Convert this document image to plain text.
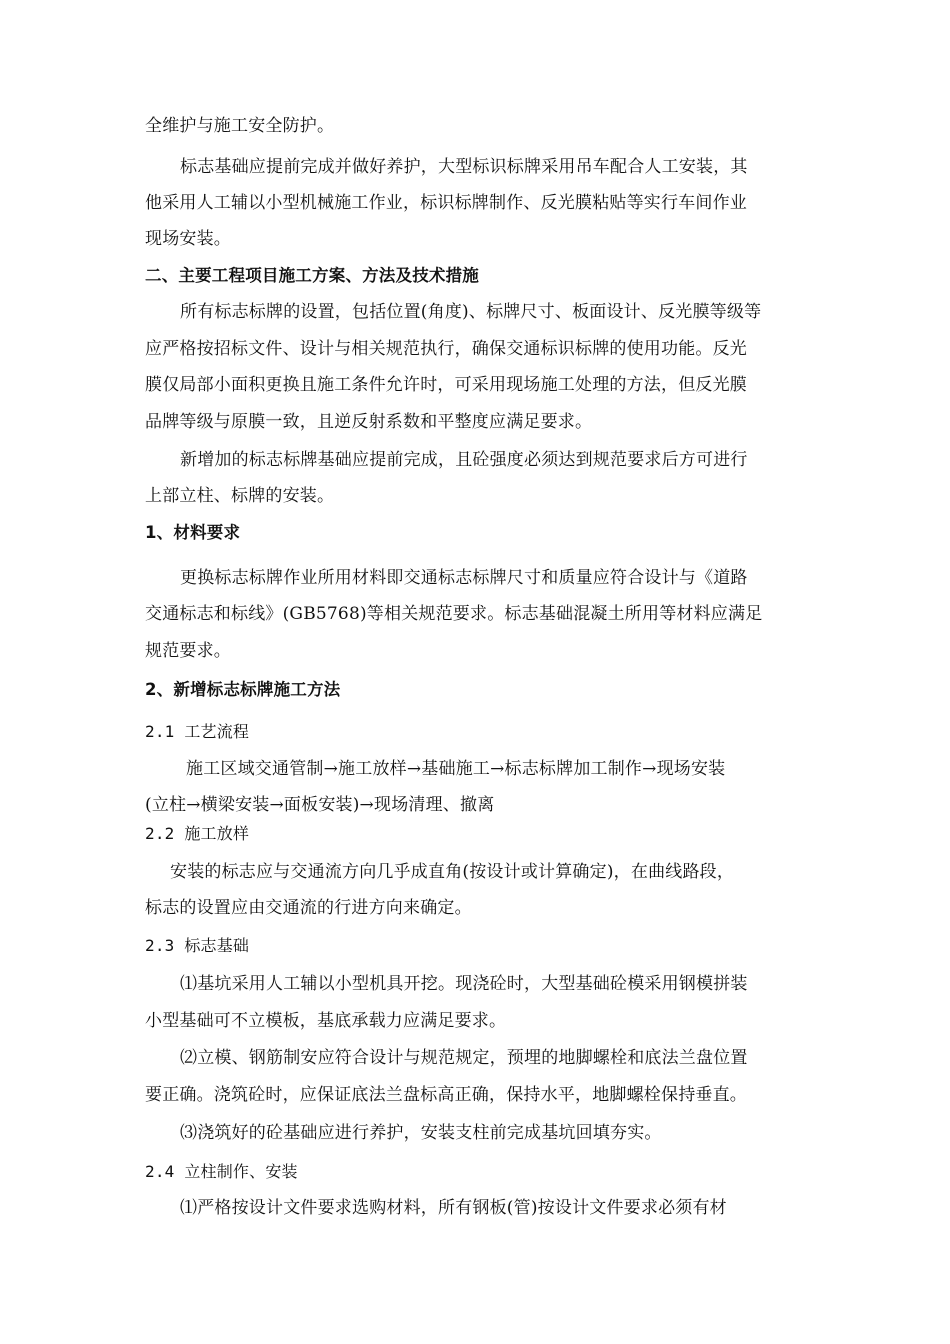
全维护与施工安全防护。
标志基础应提前完成并做好养护，大型标识标牌采用吊车配合人工安装，其
他采用人工辅以小型机械施工作业，标识标牌制作、反光膜粘贴等实行车间作业
现场安装。
二、主要工程项目施工方案、方法及技术措施
所有标志标牌的设置，包括位置(角度)、标牌尺寸、板面设计、反光膜等级等
应严格按招标文件、设计与相关规范执行，确保交通标识标牌的使用功能。反光
膜仅局部小面积更换且施工条件允许时，可采用现场施工处理的方法，但反光膜
品牌等级与原膜一致，且逆反射系数和平整度应满足要求。
新增加的标志标牌基础应提前完成，且砼强度必须达到规范要求后方可进行
上部立柱、标牌的安装。
1、材料要求
更换标志标牌作业所用材料即交通标志标牌尺寸和质量应符合设计与《道路
交通标志和标线》(GB5768)等相关规范要求。标志基础混凝土所用等材料应满足
规范要求。
2、新增标志标牌施工方法
2.1 工艺流程
施工区域交通管制→施工放样→基础施工→标志标牌加工制作→现场安装
(立柱→横梁安装→面板安装)→现场清理、撤离
2.2 施工放样
安装的标志应与交通流方向几乎成直角(按设计或计算确定)，在曲线路段，
标志的设置应由交通流的行进方向来确定。
2.3 标志基础
⑴基坑采用人工辅以小型机具开挖。现浇砼时，大型基础砼模采用钢模拼装
小型基础可不立模板，基底承载力应满足要求。
⑵立模、钢筋制安应符合设计与规范规定，预埋的地脚螺栓和底法兰盘位置
要正确。浇筑砼时，应保证底法兰盘标高正确，保持水平，地脚螺栓保持垂直。
⑶浇筑好的砼基础应进行养护，安装支柱前完成基坑回填夯实。
2.4 立柱制作、安装
⑴严格按设计文件要求选购材料，所有钢板(管)按设计文件要求必须有材
